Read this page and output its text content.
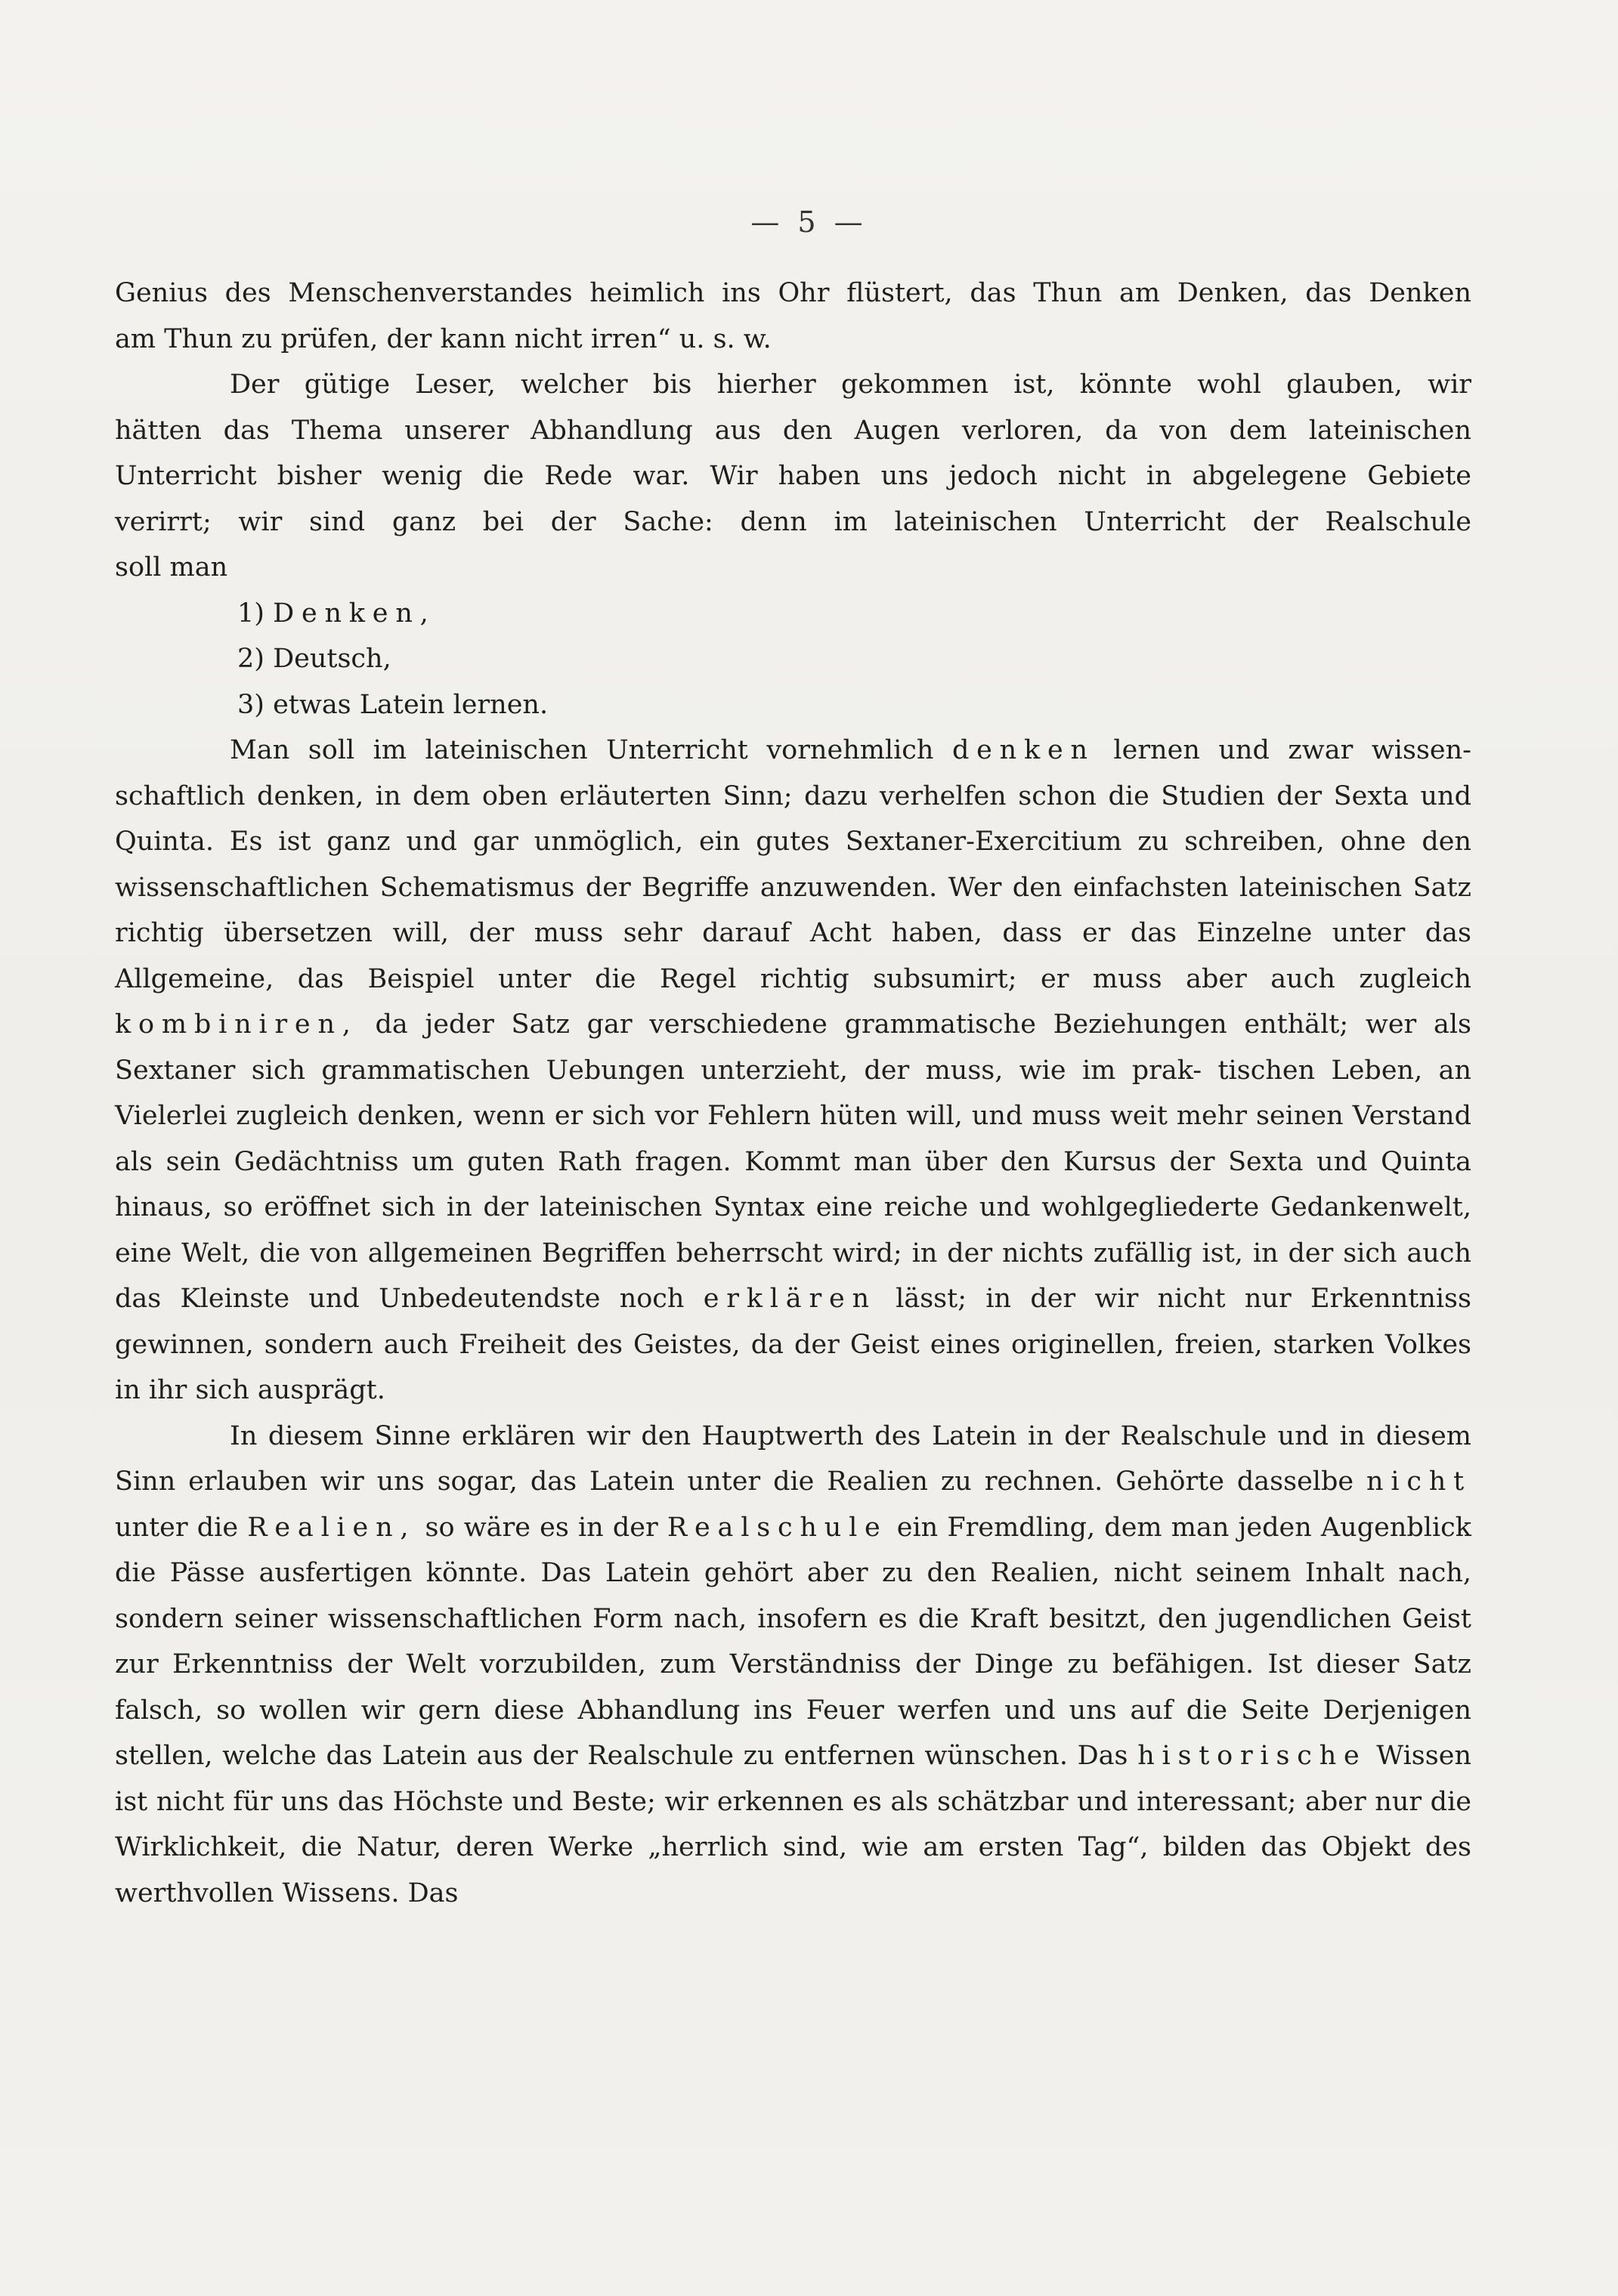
— 5 —

Genius des Menschenverstandes heimlich ins Ohr flüstert, das Thun am Denken, das Denken

am Thun zu prüfen, der kann nicht irren“ u. s. w.

Der gütige Leser, welcher bis hierher gekommen ist, könnte wohl glauben, wir

hätten das Thema unserer Abhandlung aus den Augen verloren, da von dem lateinischen

Unterricht bisher wenig die Rede war. Wir haben uns jedoch nicht in abgelegene Gebiete

verirrt; wir sind ganz bei der Sache: denn im lateinischen Unterricht der Realschule

soll man

1) Denken,
2) Deutsch,
3) etwas Latein lernen.

Man soll im lateinischen Unterricht vornehmlich denken lernen und zwar wissen- schaftlich denken, in dem oben erläuterten Sinn; dazu verhelfen schon die Studien der Sexta und Quinta. Es ist ganz und gar unmöglich, ein gutes Sextaner-Exercitium zu schreiben, ohne den wissenschaftlichen Schematismus der Begriffe anzuwenden. Wer den einfachsten lateinischen Satz richtig übersetzen will, der muss sehr darauf Acht haben, dass er das Einzelne unter das Allgemeine, das Beispiel unter die Regel richtig subsumirt; er muss aber auch zugleich kombiniren, da jeder Satz gar verschiedene grammatische Beziehungen enthält; wer als Sextaner sich grammatischen Uebungen unterzieht, der muss, wie im prak- tischen Leben, an Vielerlei zugleich denken, wenn er sich vor Fehlern hüten will, und muss weit mehr seinen Verstand als sein Gedächtniss um guten Rath fragen. Kommt man über den Kursus der Sexta und Quinta hinaus, so eröffnet sich in der lateinischen Syntax eine reiche und wohlgegliederte Gedankenwelt, eine Welt, die von allgemeinen Begriffen beherrscht wird; in der nichts zufällig ist, in der sich auch das Kleinste und Unbedeutendste noch erklären lässt; in der wir nicht nur Erkenntniss gewinnen, sondern auch Freiheit des Geistes, da der Geist eines originellen, freien, starken Volkes in ihr sich ausprägt.

In diesem Sinne erklären wir den Hauptwerth des Latein in der Realschule und in diesem Sinn erlauben wir uns sogar, das Latein unter die Realien zu rechnen. Gehörte dasselbe nicht unter die Realien, so wäre es in der Realschule ein Fremdling, dem man jeden Augenblick die Pässe ausfertigen könnte. Das Latein gehört aber zu den Realien, nicht seinem Inhalt nach, sondern seiner wissenschaftlichen Form nach, insofern es die Kraft besitzt, den jugendlichen Geist zur Erkenntniss der Welt vorzubilden, zum Verständniss der Dinge zu befähigen. Ist dieser Satz falsch, so wollen wir gern diese Abhandlung ins Feuer werfen und uns auf die Seite Derjenigen stellen, welche das Latein aus der Realschule zu entfernen wünschen. Das historische Wissen ist nicht für uns das Höchste und Beste; wir erkennen es als schätzbar und interessant; aber nur die Wirklichkeit, die Natur, deren Werke „herrlich sind, wie am ersten Tag“, bilden das Objekt des werthvollen Wissens. Das
